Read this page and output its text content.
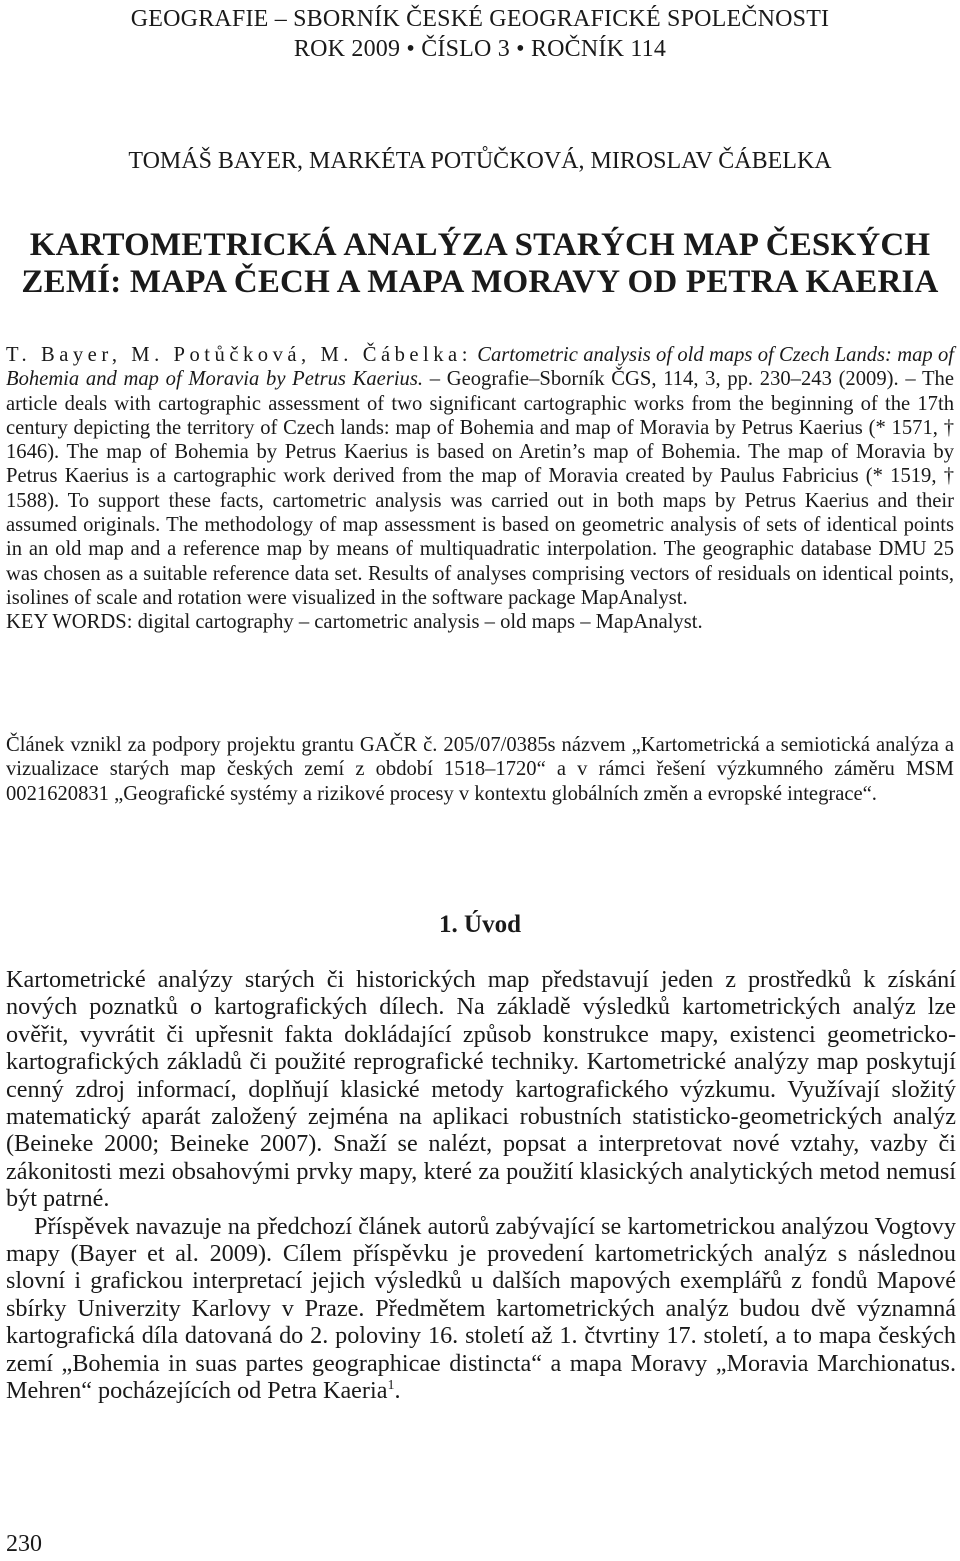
GEOGRAFIE – SBORNÍK ČESKÉ GEOGRAFICKÉ SPOLEČNOSTI
ROK 2009 • ČÍSLO 3 • ROČNÍK 114
TOMÁŠ BAYER, MARKÉTA POTŮČKOVÁ, MIROSLAV ČÁBELKA
KARTOMETRICKÁ ANALÝZA STARÝCH MAP ČESKÝCH
ZEMÍ: MAPA ČECH A MAPA MORAVY OD PETRA KAERIA
T. Bayer, M. Potůčková, M. Čábelka: Cartometric analysis of old maps of Czech Lands: map of Bohemia and map of Moravia by Petrus Kaerius. – Geografie–Sborník ČGS, 114, 3, pp. 230–243 (2009). – The article deals with cartographic assessment of two significant cartographic works from the beginning of the 17th century depicting the territory of Czech lands: map of Bohemia and map of Moravia by Petrus Kaerius (* 1571, † 1646). The map of Bohemia by Petrus Kaerius is based on Aretin’s map of Bohemia. The map of Moravia by Petrus Kaerius is a cartographic work derived from the map of Moravia created by Paulus Fabricius (* 1519, † 1588). To support these facts, cartometric analysis was carried out in both maps by Petrus Kaerius and their assumed originals. The methodology of map assessment is based on geometric analysis of sets of identical points in an old map and a reference map by means of multiquadratic interpolation. The geographic database DMU 25 was chosen as a suitable reference data set. Results of analyses comprising vectors of residuals on identical points, isolines of scale and rotation were visualized in the software package MapAnalyst.
KEY WORDS: digital cartography – cartometric analysis – old maps – MapAnalyst.
Článek vznikl za podpory projektu grantu GAČR č. 205/07/0385s názvem „Kartometrická a semiotická analýza a vizualizace starých map českých zemí z období 1518–1720“ a v rámci řešení výzkumného záměru MSM 0021620831 „Geografické systémy a rizikové procesy v kontextu globálních změn a evropské integrace“.
1. Úvod

Kartometrické analýzy starých či historických map představují jeden z prostředků k získání nových poznatků o kartografických dílech. Na základě výsledků kartometrických analýz lze ověřit, vyvrátit či upřesnit fakta dokládající způsob konstrukce mapy, existenci geometricko-kartografických základů či použité reprografické techniky. Kartometrické analýzy map poskytují cenný zdroj informací, doplňují klasické metody kartografického výzkumu. Využívají složitý matematický aparát založený zejména na aplikaci robustních statisticko-geometrických analýz (Beineke 2000; Beineke 2007). Snaží se nalézt, popsat a interpretovat nové vztahy, vazby či zákonitosti mezi obsahovými prvky mapy, které za použití klasických analytických metod nemusí být patrné.

Příspěvek navazuje na předchozí článek autorů zabývající se kartometrickou analýzou Vogtovy mapy (Bayer et al. 2009). Cílem příspěvku je provedení kartometrických analýz s následnou slovní i grafickou interpretací jejich výsledků u dalších mapových exemplářů z fondů Mapové sbírky Univerzity Karlovy v Praze. Předmětem kartometrických analýz budou dvě významná kartografická díla datovaná do 2. poloviny 16. století až 1. čtvrtiny 17. století, a to mapa českých zemí „Bohemia in suas partes geographicae distincta“ a mapa Moravy „Moravia Marchionatus. Mehren“ pocházejících od Petra Kaeria$^1$.

230
